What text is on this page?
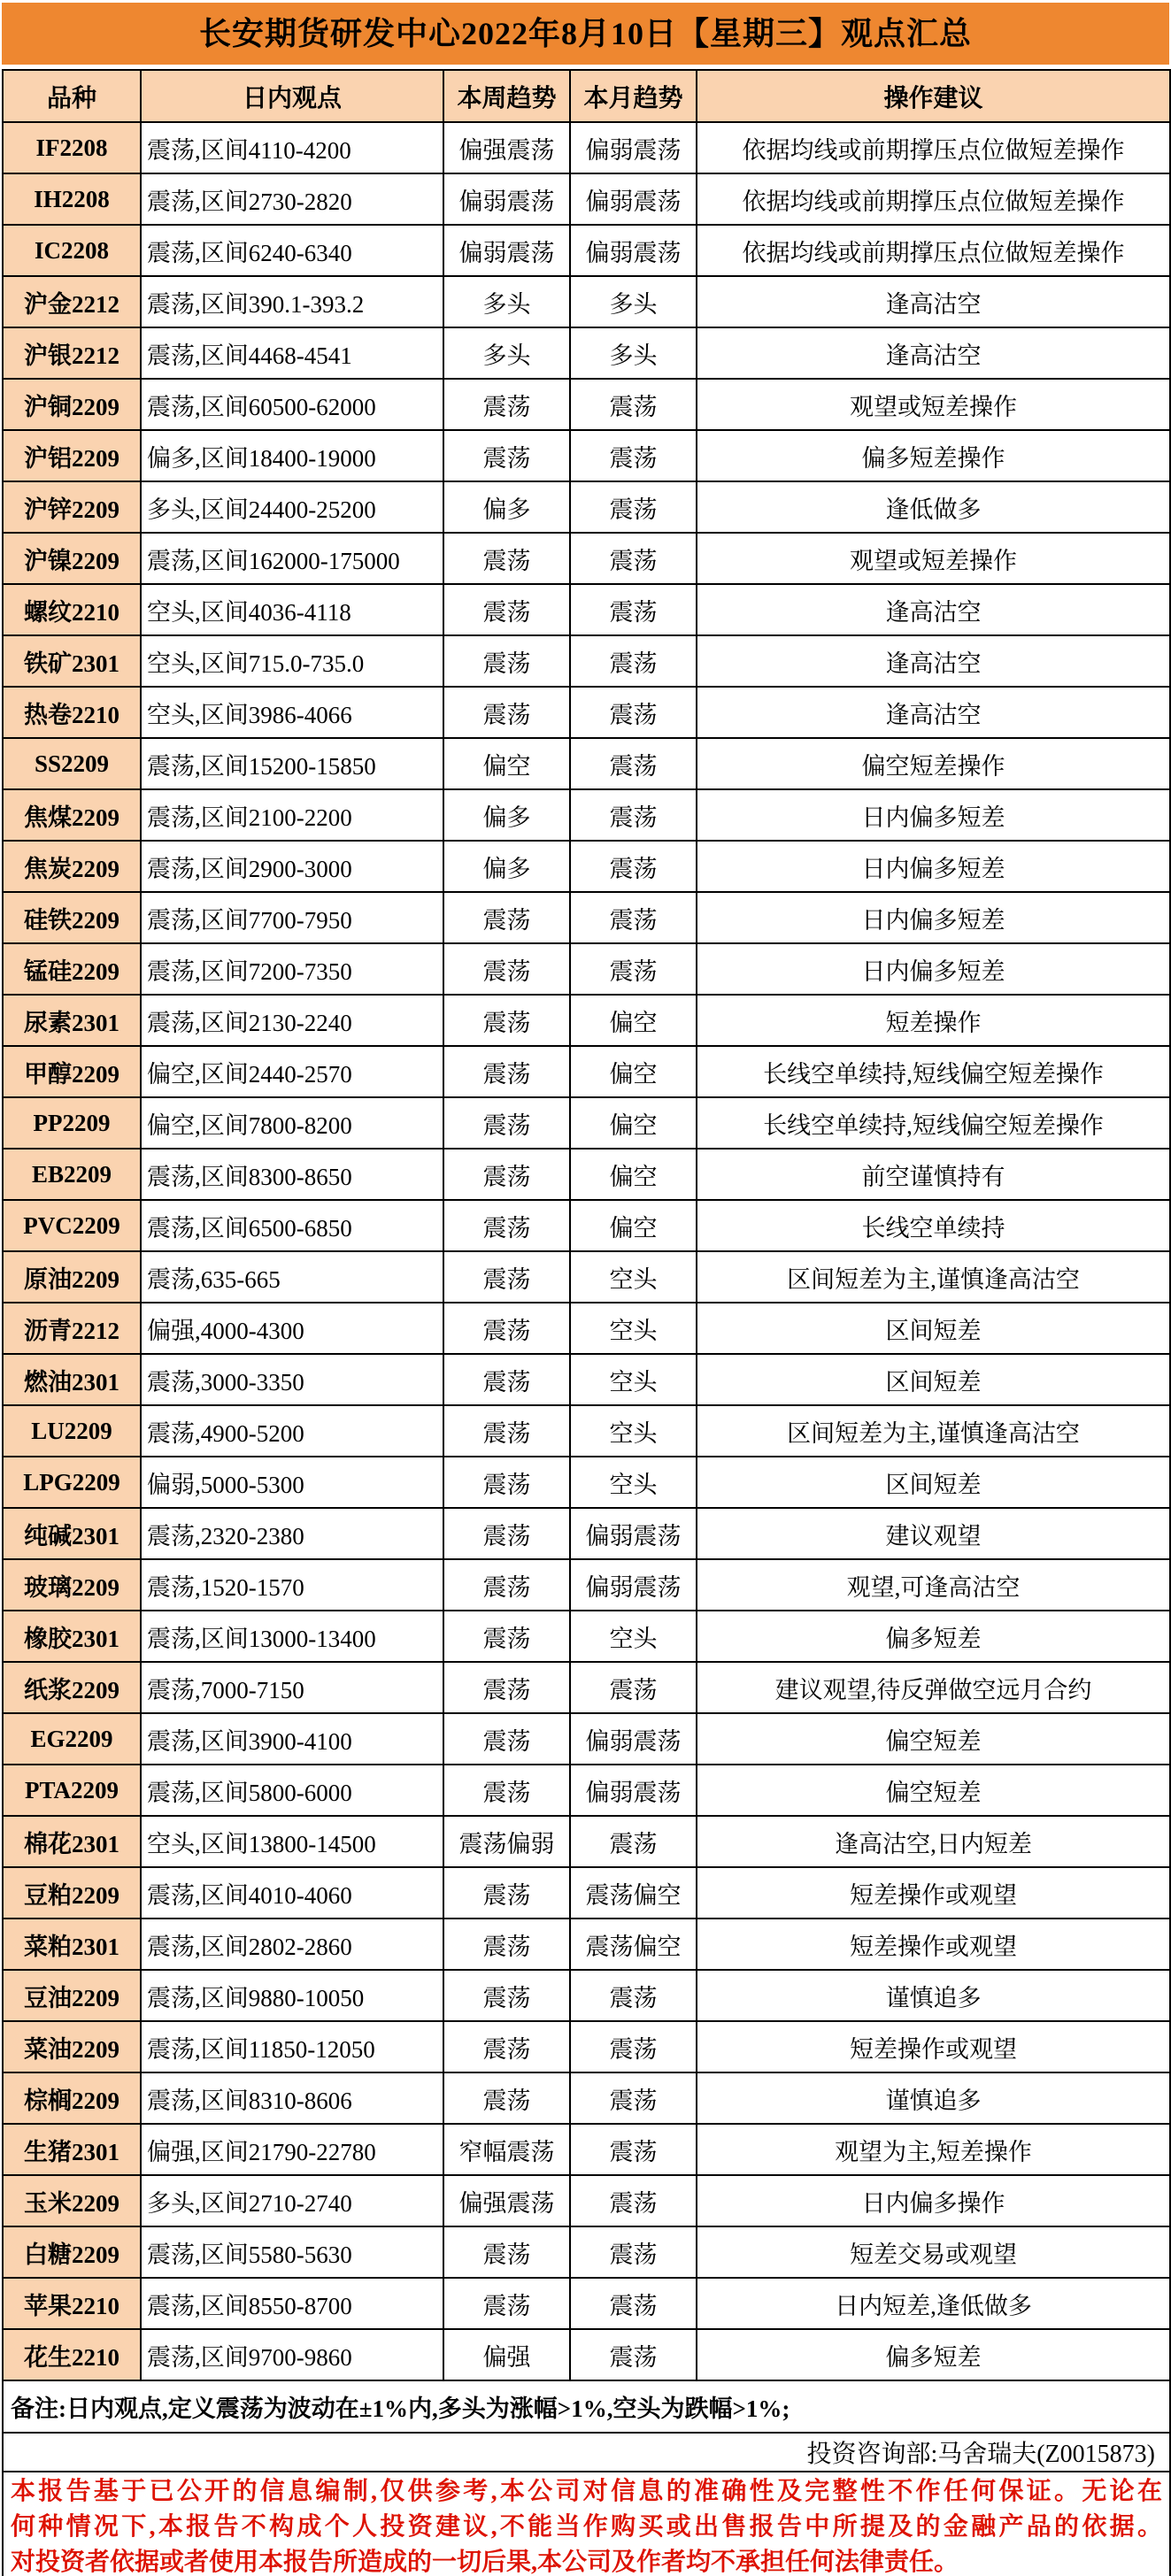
长安期货研发中心2022年8月10日【星期三】观点汇总
品种	日内观点	本周趋势	本月趋势	操作建议
IF2208	震荡,区间4110-4200	偏强震荡	偏弱震荡	依据均线或前期撑压点位做短差操作
IH2208	震荡,区间2730-2820	偏弱震荡	偏弱震荡	依据均线或前期撑压点位做短差操作
IC2208	震荡,区间6240-6340	偏弱震荡	偏弱震荡	依据均线或前期撑压点位做短差操作
沪金2212	震荡,区间390.1-393.2	多头	多头	逢高沽空
沪银2212	震荡,区间4468-4541	多头	多头	逢高沽空
沪铜2209	震荡,区间60500-62000	震荡	震荡	观望或短差操作
沪铝2209	偏多,区间18400-19000	震荡	震荡	偏多短差操作
沪锌2209	多头,区间24400-25200	偏多	震荡	逢低做多
沪镍2209	震荡,区间162000-175000	震荡	震荡	观望或短差操作
螺纹2210	空头,区间4036-4118	震荡	震荡	逢高沽空
铁矿2301	空头,区间715.0-735.0	震荡	震荡	逢高沽空
热卷2210	空头,区间3986-4066	震荡	震荡	逢高沽空
SS2209	震荡,区间15200-15850	偏空	震荡	偏空短差操作
焦煤2209	震荡,区间2100-2200	偏多	震荡	日内偏多短差
焦炭2209	震荡,区间2900-3000	偏多	震荡	日内偏多短差
硅铁2209	震荡,区间7700-7950	震荡	震荡	日内偏多短差
锰硅2209	震荡,区间7200-7350	震荡	震荡	日内偏多短差
尿素2301	震荡,区间2130-2240	震荡	偏空	短差操作
甲醇2209	偏空,区间2440-2570	震荡	偏空	长线空单续持,短线偏空短差操作
PP2209	偏空,区间7800-8200	震荡	偏空	长线空单续持,短线偏空短差操作
EB2209	震荡,区间8300-8650	震荡	偏空	前空谨慎持有
PVC2209	震荡,区间6500-6850	震荡	偏空	长线空单续持
原油2209	震荡,635-665	震荡	空头	区间短差为主,谨慎逢高沽空
沥青2212	偏强,4000-4300	震荡	空头	区间短差
燃油2301	震荡,3000-3350	震荡	空头	区间短差
LU2209	震荡,4900-5200	震荡	空头	区间短差为主,谨慎逢高沽空
LPG2209	偏弱,5000-5300	震荡	空头	区间短差
纯碱2301	震荡,2320-2380	震荡	偏弱震荡	建议观望
玻璃2209	震荡,1520-1570	震荡	偏弱震荡	观望,可逢高沽空
橡胶2301	震荡,区间13000-13400	震荡	空头	偏多短差
纸浆2209	震荡,7000-7150	震荡	震荡	建议观望,待反弹做空远月合约
EG2209	震荡,区间3900-4100	震荡	偏弱震荡	偏空短差
PTA2209	震荡,区间5800-6000	震荡	偏弱震荡	偏空短差
棉花2301	空头,区间13800-14500	震荡偏弱	震荡	逢高沽空,日内短差
豆粕2209	震荡,区间4010-4060	震荡	震荡偏空	短差操作或观望
菜粕2301	震荡,区间2802-2860	震荡	震荡偏空	短差操作或观望
豆油2209	震荡,区间9880-10050	震荡	震荡	谨慎追多
菜油2209	震荡,区间11850-12050	震荡	震荡	短差操作或观望
棕榈2209	震荡,区间8310-8606	震荡	震荡	谨慎追多
生猪2301	偏强,区间21790-22780	窄幅震荡	震荡	观望为主,短差操作
玉米2209	多头,区间2710-2740	偏强震荡	震荡	日内偏多操作
白糖2209	震荡,区间5580-5630	震荡	震荡	短差交易或观望
苹果2210	震荡,区间8550-8700	震荡	震荡	日内短差,逢低做多
花生2210	震荡,区间9700-9860	偏强	震荡	偏多短差
备注:日内观点,定义震荡为波动在±1%内,多头为涨幅>1%,空头为跌幅>1%;				
投资咨询部:马舍瑞夫(Z0015873)				

本报告基于已公开的信息编制,仅供参考,本公司对信息的准确性及完整性不作任何保证。无论在
何种情况下,本报告不构成个人投资建议,不能当作购买或出售报告中所提及的金融产品的依据。
对投资者依据或者使用本报告所造成的一切后果,本公司及作者均不承担任何法律责任。				
